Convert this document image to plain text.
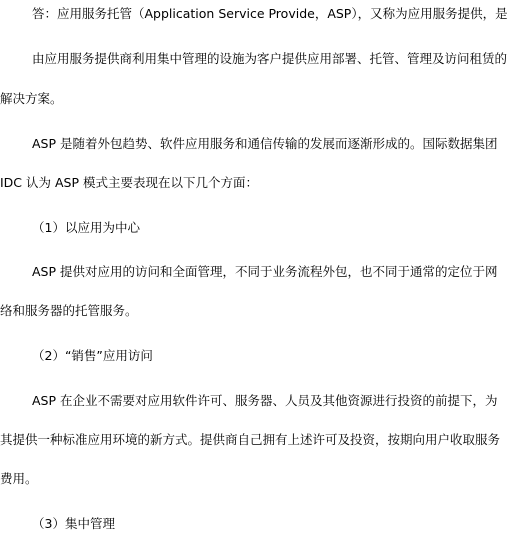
答：应用服务托管（Application Service Provide，ASP），又称为应用服务提供，是
由应用服务提供商利用集中管理的设施为客户提供应用部署、托管、管理及访问租赁的
解决方案。
ASP 是随着外包趋势、软件应用服务和通信传输的发展而逐渐形成的。国际数据集团
IDC 认为 ASP 模式主要表现在以下几个方面：
（1）以应用为中心
ASP 提供对应用的访问和全面管理，不同于业务流程外包，也不同于通常的定位于网
络和服务器的托管服务。
（2）“销售”应用访问
ASP 在企业不需要对应用软件许可、服务器、人员及其他资源进行投资的前提下，为
其提供一种标准应用环境的新方式。提供商自己拥有上述许可及投资，按期向用户收取服务
费用。
（3）集中管理
